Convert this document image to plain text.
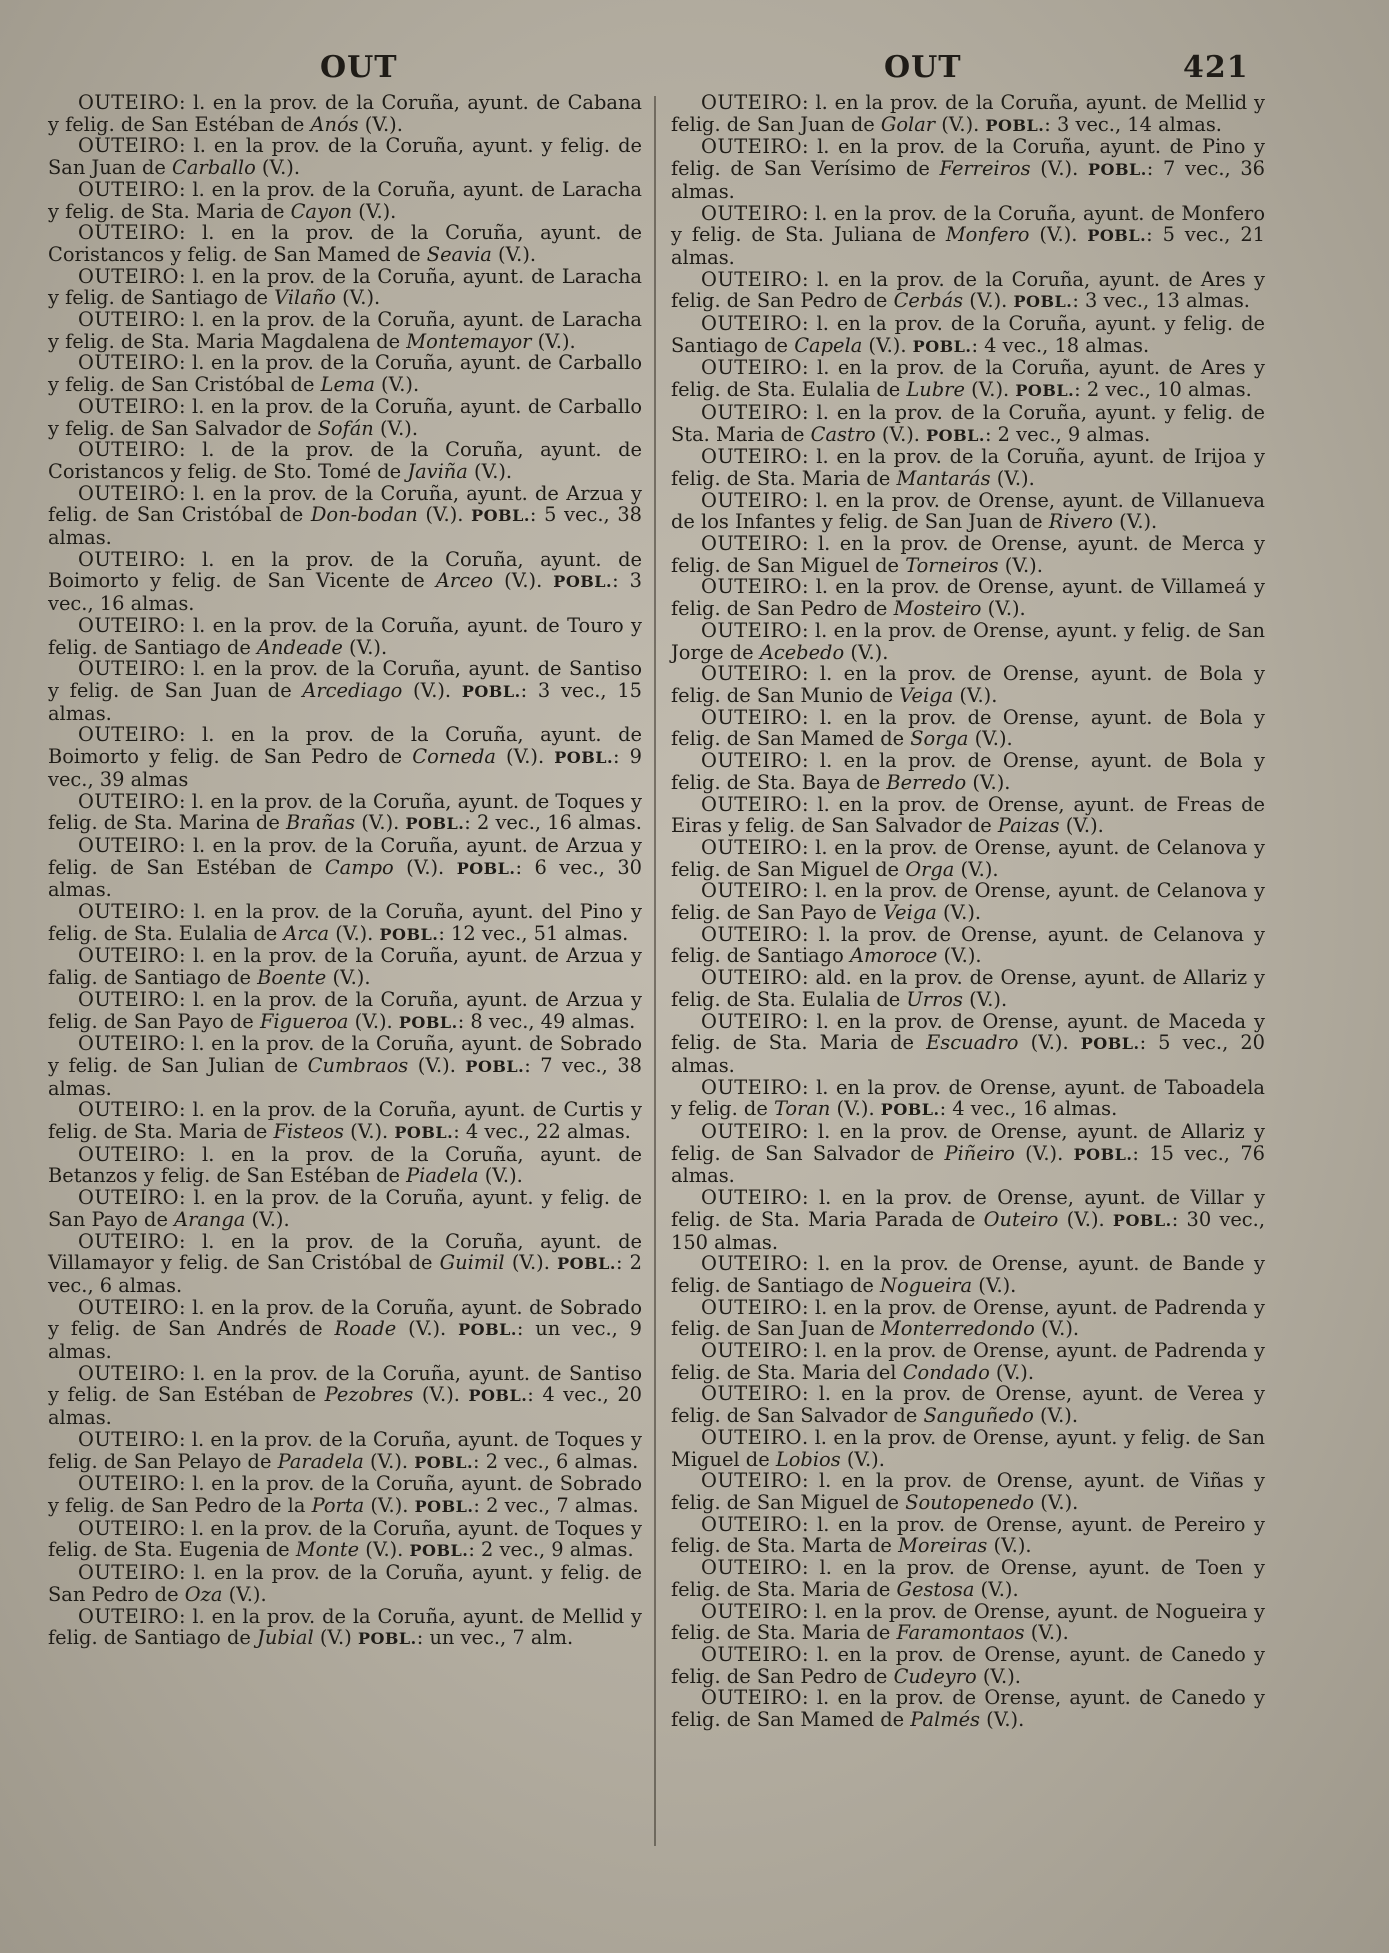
OUT	OUT	421

OUTEIRO: l. en la prov. de la Coruña, ayunt. de Cabana y felig. de San Estéban de Anós (V.).

OUTEIRO: l. en la prov. de la Coruña, ayunt. y felig. de San Juan de Carballo (V.).

OUTEIRO: l. en la prov. de la Coruña, ayunt. de Laracha y felig. de Sta. Maria de Cayon (V.).

OUTEIRO: l. en la prov. de la Coruña, ayunt. de Coristancos y felig. de San Mamed de Seavia (V.).

OUTEIRO: l. en la prov. de la Coruña, ayunt. de Laracha y felig. de Santiago de Vilaño (V.).

OUTEIRO: l. en la prov. de la Coruña, ayunt. de Laracha y felig. de Sta. Maria Magdalena de Montemayor (V.).

OUTEIRO: l. en la prov. de la Coruña, ayunt. de Carballo y felig. de San Cristóbal de Lema (V.).

OUTEIRO: l. en la prov. de la Coruña, ayunt. de Carballo y felig. de San Salvador de Sofán (V.).

OUTEIRO: l. de la prov. de la Coruña, ayunt. de Coristancos y felig. de Sto. Tomé de Javiña (V.).

OUTEIRO: l. en la prov. de la Coruña, ayunt. de Arzua y felig. de San Cristóbal de Don-bodan (V.). POBL.: 5 vec., 38 almas.

OUTEIRO: l. en la prov. de la Coruña, ayunt. de Boimorto y felig. de San Vicente de Arceo (V.). POBL.: 3 vec., 16 almas.

OUTEIRO: l. en la prov. de la Coruña, ayunt. de Touro y felig. de Santiago de Andeade (V.).

OUTEIRO: l. en la prov. de la Coruña, ayunt. de Santiso y felig. de San Juan de Arcediago (V.). POBL.: 3 vec., 15 almas.

OUTEIRO: l. en la prov. de la Coruña, ayunt. de Boimorto y felig. de San Pedro de Corneda (V.). POBL.: 9 vec., 39 almas

OUTEIRO: l. en la prov. de la Coruña, ayunt. de Toques y felig. de Sta. Marina de Brañas (V.). POBL.: 2 vec., 16 almas.

OUTEIRO: l. en la prov. de la Coruña, ayunt. de Arzua y felig. de San Estéban de Campo (V.). POBL.: 6 vec., 30 almas.

OUTEIRO: l. en la prov. de la Coruña, ayunt. del Pino y felig. de Sta. Eulalia de Arca (V.). POBL.: 12 vec., 51 almas.

OUTEIRO: l. en la prov. de la Coruña, ayunt. de Arzua y falig. de Santiago de Boente (V.).

OUTEIRO: l. en la prov. de la Coruña, ayunt. de Arzua y felig. de San Payo de Figueroa (V.). POBL.: 8 vec., 49 almas.

OUTEIRO: l. en la prov. de la Coruña, ayunt. de Sobrado y felig. de San Julian de Cumbraos (V.). POBL.: 7 vec., 38 almas.

OUTEIRO: l. en la prov. de la Coruña, ayunt. de Curtis y felig. de Sta. Maria de Fisteos (V.). POBL.: 4 vec., 22 almas.

OUTEIRO: l. en la prov. de la Coruña, ayunt. de Betanzos y felig. de San Estéban de Piadela (V.).

OUTEIRO: l. en la prov. de la Coruña, ayunt. y felig. de San Payo de Aranga (V.).

OUTEIRO: l. en la prov. de la Coruña, ayunt. de Villamayor y felig. de San Cristóbal de Guimil (V.). POBL.: 2 vec., 6 almas.

OUTEIRO: l. en la prov. de la Coruña, ayunt. de Sobrado y felig. de San Andrés de Roade (V.). POBL.: un vec., 9 almas.

OUTEIRO: l. en la prov. de la Coruña, ayunt. de Santiso y felig. de San Estéban de Pezobres (V.). POBL.: 4 vec., 20 almas.

OUTEIRO: l. en la prov. de la Coruña, ayunt. de Toques y felig. de San Pelayo de Paradela (V.). POBL.: 2 vec., 6 almas.

OUTEIRO: l. en la prov. de la Coruña, ayunt. de Sobrado y felig. de San Pedro de la Porta (V.). POBL.: 2 vec., 7 almas.

OUTEIRO: l. en la prov. de la Coruña, ayunt. de Toques y felig. de Sta. Eugenia de Monte (V.). POBL.: 2 vec., 9 almas.

OUTEIRO: l. en la prov. de la Coruña, ayunt. y felig. de San Pedro de Oza (V.).

OUTEIRO: l. en la prov. de la Coruña, ayunt. de Mellid y felig. de Santiago de Jubial (V.) POBL.: un vec., 7 alm.

OUTEIRO: l. en la prov. de la Coruña, ayunt. de Mellid y felig. de San Juan de Golar (V.). POBL.: 3 vec., 14 almas.

OUTEIRO: l. en la prov. de la Coruña, ayunt. de Pino y felig. de San Verísimo de Ferreiros (V.). POBL.: 7 vec., 36 almas.

OUTEIRO: l. en la prov. de la Coruña, ayunt. de Monfero y felig. de Sta. Juliana de Monfero (V.). POBL.: 5 vec., 21 almas.

OUTEIRO: l. en la prov. de la Coruña, ayunt. de Ares y felig. de San Pedro de Cerbás (V.). POBL.: 3 vec., 13 almas.

OUTEIRO: l. en la prov. de la Coruña, ayunt. y felig. de Santiago de Capela (V.). POBL.: 4 vec., 18 almas.

OUTEIRO: l. en la prov. de la Coruña, ayunt. de Ares y felig. de Sta. Eulalia de Lubre (V.). POBL.: 2 vec., 10 almas.

OUTEIRO: l. en la prov. de la Coruña, ayunt. y felig. de Sta. Maria de Castro (V.). POBL.: 2 vec., 9 almas.

OUTEIRO: l. en la prov. de la Coruña, ayunt. de Irijoa y felig. de Sta. Maria de Mantarás (V.).

OUTEIRO: l. en la prov. de Orense, ayunt. de Villanueva de los Infantes y felig. de San Juan de Rivero (V.).

OUTEIRO: l. en la prov. de Orense, ayunt. de Merca y felig. de San Miguel de Torneiros (V.).

OUTEIRO: l. en la prov. de Orense, ayunt. de Villameá y felig. de San Pedro de Mosteiro (V.).

OUTEIRO: l. en la prov. de Orense, ayunt. y felig. de San Jorge de Acebedo (V.).

OUTEIRO: l. en la prov. de Orense, ayunt. de Bola y felig. de San Munio de Veiga (V.).

OUTEIRO: l. en la prov. de Orense, ayunt. de Bola y felig. de San Mamed de Sorga (V.).

OUTEIRO: l. en la prov. de Orense, ayunt. de Bola y felig. de Sta. Baya de Berredo (V.).

OUTEIRO: l. en la prov. de Orense, ayunt. de Freas de Eiras y felig. de San Salvador de Paizas (V.).

OUTEIRO: l. en la prov. de Orense, ayunt. de Celanova y felig. de San Miguel de Orga (V.).

OUTEIRO: l. en la prov. de Orense, ayunt. de Celanova y felig. de San Payo de Veiga (V.).

OUTEIRO: l. la prov. de Orense, ayunt. de Celanova y felig. de Santiago Amoroce (V.).

OUTEIRO: ald. en la prov. de Orense, ayunt. de Allariz y felig. de Sta. Eulalia de Urros (V.).

OUTEIRO: l. en la prov. de Orense, ayunt. de Maceda y felig. de Sta. Maria de Escuadro (V.). POBL.: 5 vec., 20 almas.

OUTEIRO: l. en la prov. de Orense, ayunt. de Taboadela y felig. de Toran (V.). POBL.: 4 vec., 16 almas.

OUTEIRO: l. en la prov. de Orense, ayunt. de Allariz y felig. de San Salvador de Piñeiro (V.). POBL.: 15 vec., 76 almas.

OUTEIRO: l. en la prov. de Orense, ayunt. de Villar y felig. de Sta. Maria Parada de Outeiro (V.). POBL.: 30 vec., 150 almas.

OUTEIRO: l. en la prov. de Orense, ayunt. de Bande y felig. de Santiago de Nogueira (V.).

OUTEIRO: l. en la prov. de Orense, ayunt. de Padrenda y felig. de San Juan de Monterredondo (V.).

OUTEIRO: l. en la prov. de Orense, ayunt. de Padrenda y felig. de Sta. Maria del Condado (V.).

OUTEIRO: l. en la prov. de Orense, ayunt. de Verea y felig. de San Salvador de Sanguñedo (V.).

OUTEIRO. l. en la prov. de Orense, ayunt. y felig. de San Miguel de Lobios (V.).

OUTEIRO: l. en la prov. de Orense, ayunt. de Viñas y felig. de San Miguel de Soutopenedo (V.).

OUTEIRO: l. en la prov. de Orense, ayunt. de Pereiro y felig. de Sta. Marta de Moreiras (V.).

OUTEIRO: l. en la prov. de Orense, ayunt. de Toen y felig. de Sta. Maria de Gestosa (V.).

OUTEIRO: l. en la prov. de Orense, ayunt. de Nogueira y felig. de Sta. Maria de Faramontaos (V.).

OUTEIRO: l. en la prov. de Orense, ayunt. de Canedo y felig. de San Pedro de Cudeyro (V.).

OUTEIRO: l. en la prov. de Orense, ayunt. de Canedo y felig. de San Mamed de Palmés (V.).
